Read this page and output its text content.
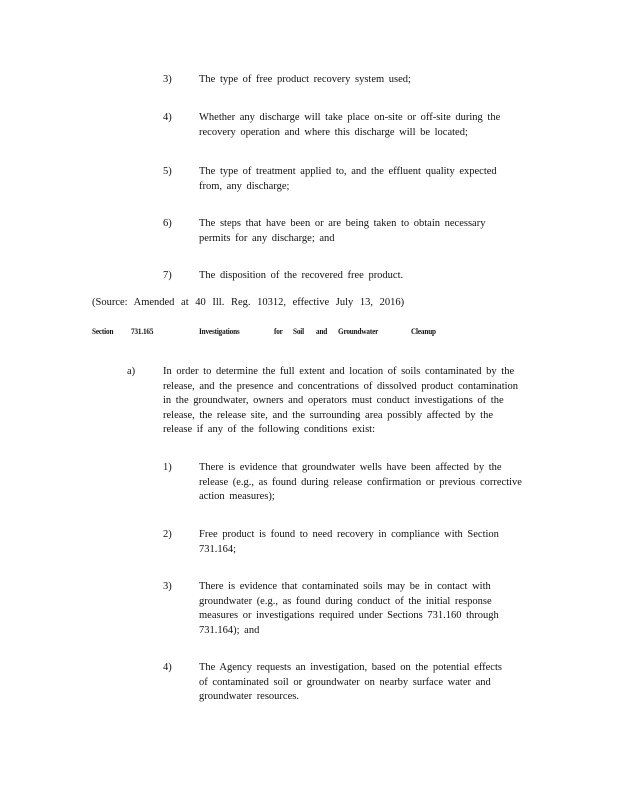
3)	The type of free product recovery system used;
4)	Whether any discharge will take place on-site or off-site during the recovery operation and where this discharge will be located;
5)	The type of treatment applied to, and the effluent quality expected from, any discharge;
6)	The steps that have been or are being taken to obtain necessary permits for any discharge; and
7)	The disposition of the recovered free product.
(Source: Amended at 40 Ill. Reg. 10312, effective July 13, 2016)
Section 731.165	Investigations	for Soil and Groundwater	Cleanup
a)	In order to determine the full extent and location of soils contaminated by the release, and the presence and concentrations of dissolved product contamination in the groundwater, owners and operators must conduct investigations of the release, the release site, and the surrounding area possibly affected by the release if any of the following conditions exist:
1)	There is evidence that groundwater wells have been affected by the release (e.g., as found during release confirmation or previous corrective action measures);
2)	Free product is found to need recovery in compliance with Section 731.164;
3)	There is evidence that contaminated soils may be in contact with groundwater (e.g., as found during conduct of the initial response measures or investigations required under Sections 731.160 through 731.164); and
4)	The Agency requests an investigation, based on the potential effects of contaminated soil or groundwater on nearby surface water and groundwater resources.
